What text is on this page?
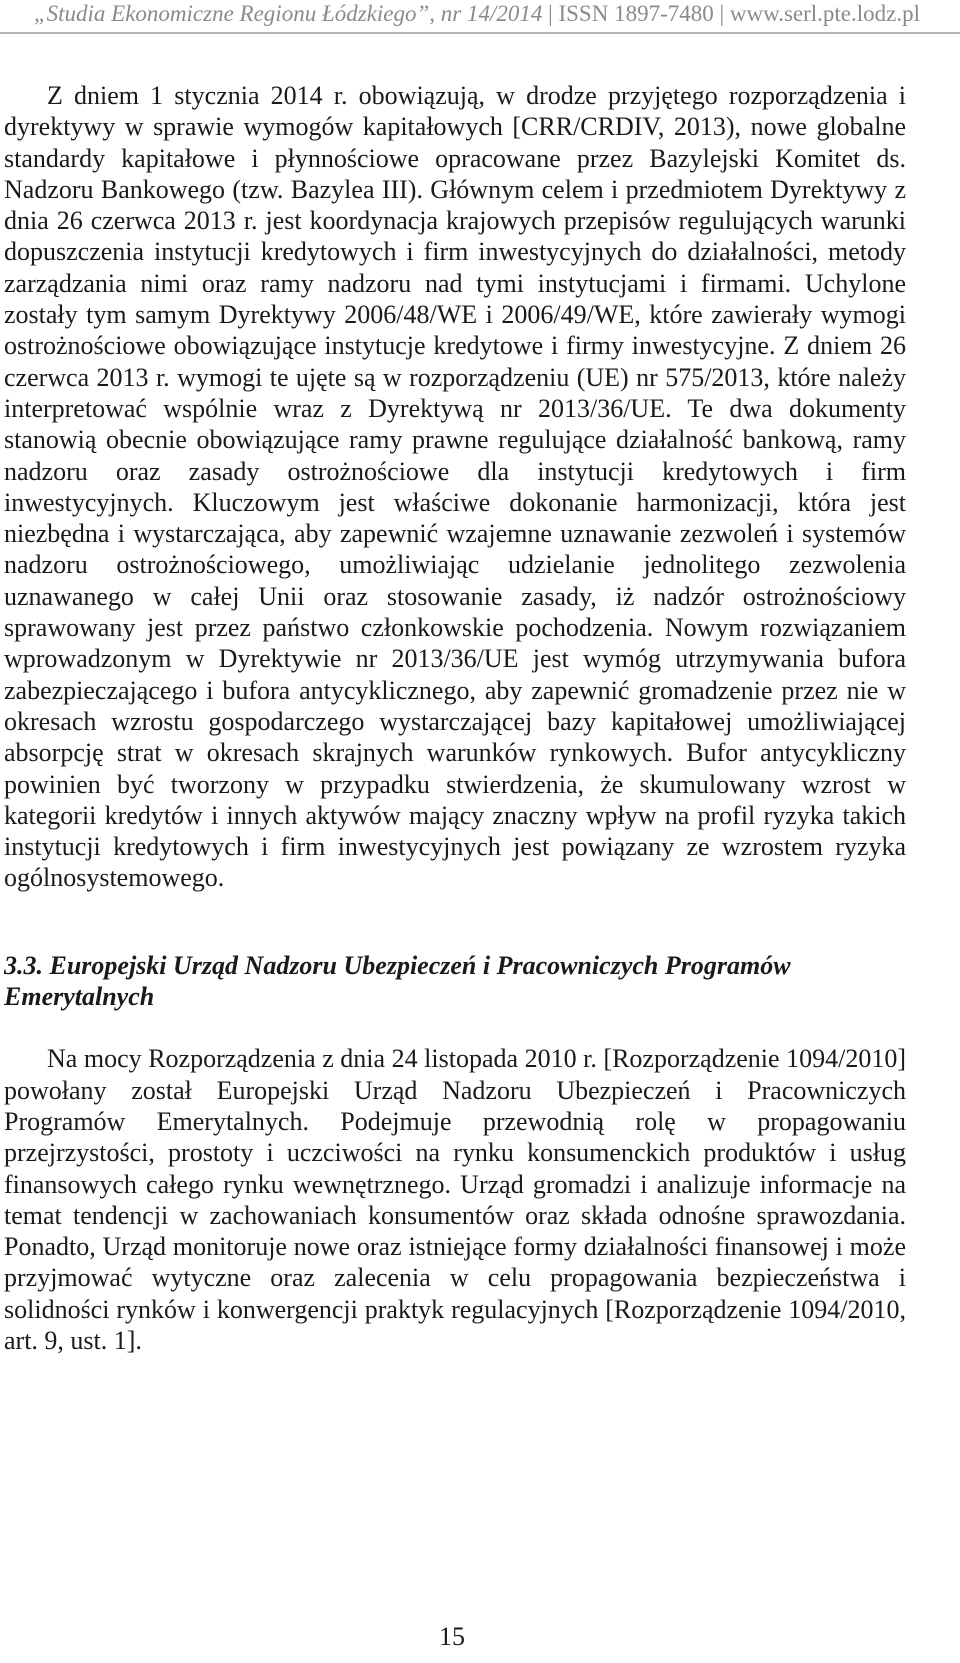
„Studia Ekonomiczne Regionu Łódzkiego”, nr 14/2014 | ISSN 1897-7480 | www.serl.pte.lodz.pl

Z dniem 1 stycznia 2014 r. obowiązują, w drodze przyjętego rozporządzenia i dyrektywy w sprawie wymogów kapitałowych [CRR/CRDIV, 2013), nowe globalne standardy kapitałowe i płynnościowe opracowane przez Bazylejski Komitet ds. Nadzoru Bankowego (tzw. Bazylea III). Głównym celem i przedmiotem Dyrektywy z dnia 26 czerwca 2013 r. jest koordynacja krajowych przepisów regulujących warunki dopuszczenia instytucji kredytowych i firm inwestycyjnych do działalności, metody zarządzania nimi oraz ramy nadzoru nad tymi instytucjami i firmami. Uchylone zostały tym samym Dyrektywy 2006/48/WE i 2006/49/WE, które zawierały wymogi ostrożnościowe obowiązujące instytucje kredytowe i firmy inwestycyjne. Z dniem 26 czerwca 2013 r. wymogi te ujęte są w rozporządzeniu (UE) nr 575/2013, które należy interpretować wspólnie wraz z Dyrektywą nr 2013/36/UE. Te dwa dokumenty stanowią obecnie obowiązujące ramy prawne regulujące działalność bankową, ramy nadzoru oraz zasady ostrożnościowe dla instytucji kredytowych i firm inwestycyjnych. Kluczowym jest właściwe dokonanie harmonizacji, która jest niezbędna i wystarczająca, aby zapewnić wzajemne uznawanie zezwoleń i systemów nadzoru ostrożnościowego, umożliwiając udzielanie jednolitego zezwolenia uznawanego w całej Unii oraz stosowanie zasady, iż nadzór ostrożnościowy sprawowany jest przez państwo członkowskie pochodzenia. Nowym rozwiązaniem wprowadzonym w Dyrektywie nr 2013/36/UE jest wymóg utrzymywania bufora zabezpieczającego i bufora antycyklicznego, aby zapewnić gromadzenie przez nie w okresach wzrostu gospodarczego wystarczającej bazy kapitałowej umożliwiającej absorpcję strat w okresach skrajnych warunków rynkowych. Bufor antycykliczny powinien być tworzony w przypadku stwierdzenia, że skumulowany wzrost w kategorii kredytów i innych aktywów mający znaczny wpływ na profil ryzyka takich instytucji kredytowych i firm inwestycyjnych jest powiązany ze wzrostem ryzyka ogólnosystemowego.

3.3. Europejski Urząd Nadzoru Ubezpieczeń i Pracowniczych Programów Emerytalnych

Na mocy Rozporządzenia z dnia 24 listopada 2010 r. [Rozporządzenie 1094/2010] powołany został Europejski Urząd Nadzoru Ubezpieczeń i Pracowniczych Programów Emerytalnych. Podejmuje przewodnią rolę w propagowaniu przejrzystości, prostoty i uczciwości na rynku konsumenckich produktów i usług finansowych całego rynku wewnętrznego. Urząd gromadzi i analizuje informacje na temat tendencji w zachowaniach konsumentów oraz składa odnośne sprawozdania. Ponadto, Urząd monitoruje nowe oraz istniejące formy działalności finansowej i może przyjmować wytyczne oraz zalecenia w celu propagowania bezpieczeństwa i solidności rynków i konwergencji praktyk regulacyjnych [Rozporządzenie 1094/2010, art. 9, ust. 1].

15
